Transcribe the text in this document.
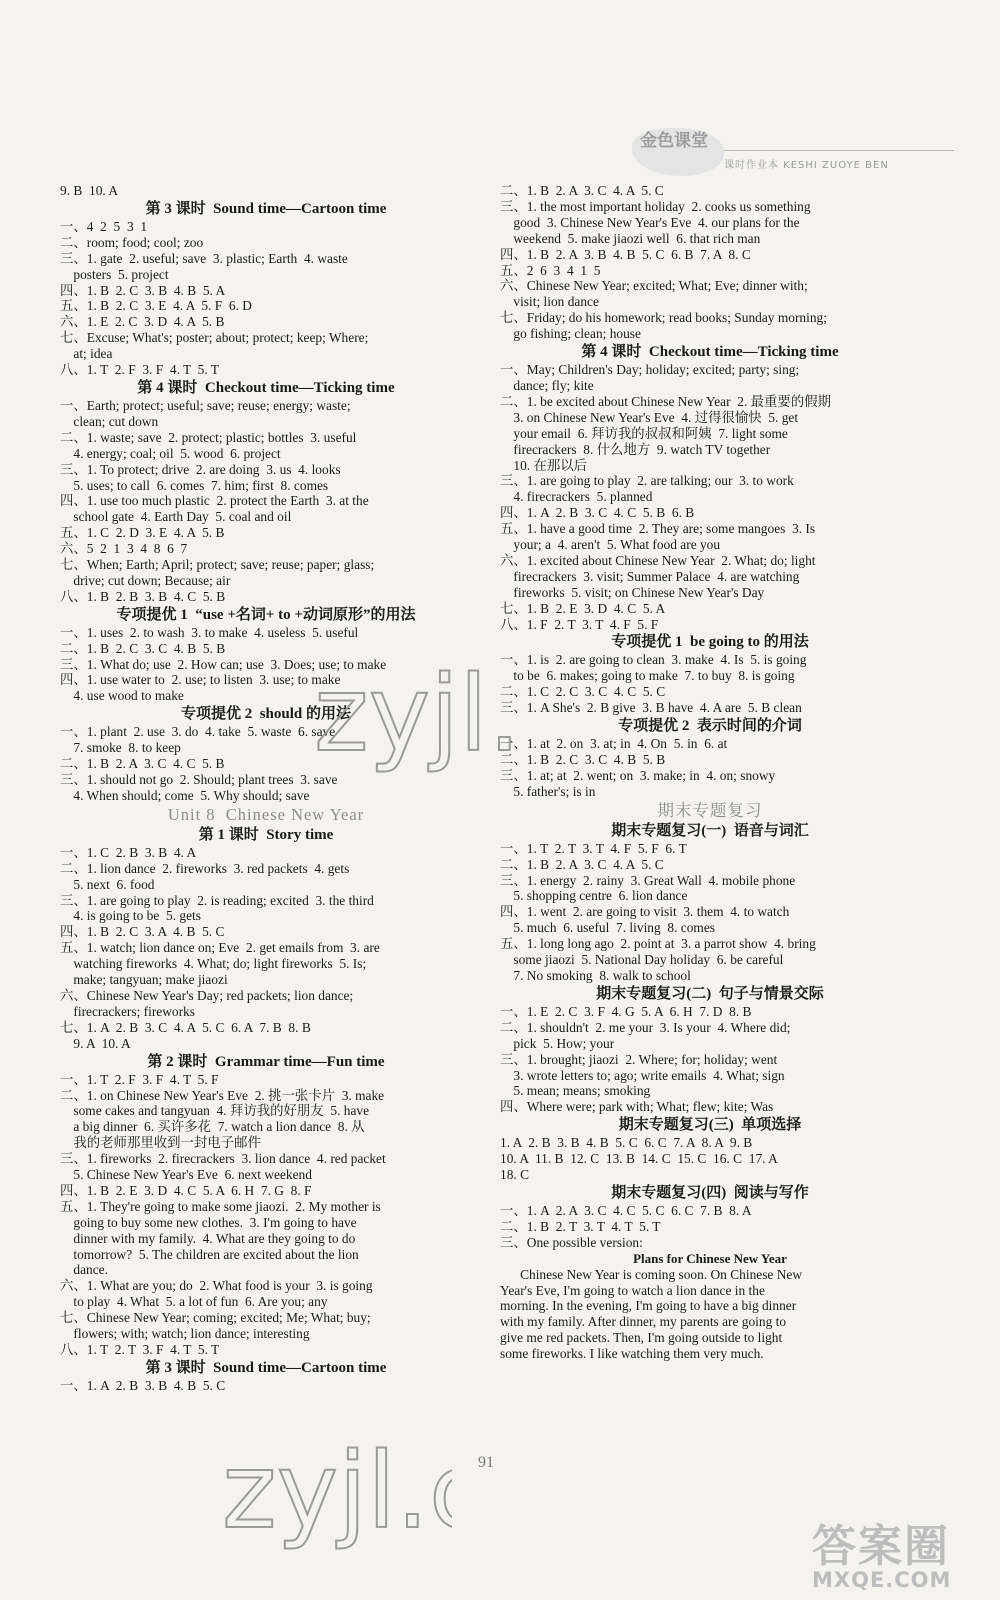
金色课堂
课时作业本 KESHI ZUOYE BEN
9. B  10. A
第 3 课时  Sound time—Cartoon time
一、4  2  5  3  1
二、room; food; cool; zoo
三、1. gate  2. useful; save  3. plastic; Earth  4. waste
posters  5. project
四、1. B  2. C  3. B  4. B  5. A
五、1. B  2. C  3. E  4. A  5. F  6. D
六、1. E  2. C  3. D  4. A  5. B
七、Excuse; What's; poster; about; protect; keep; Where;
at; idea
八、1. T  2. F  3. F  4. T  5. T
第 4 课时  Checkout time—Ticking time
一、Earth; protect; useful; save; reuse; energy; waste;
clean; cut down
二、1. waste; save  2. protect; plastic; bottles  3. useful
4. energy; coal; oil  5. wood  6. project
三、1. To protect; drive  2. are doing  3. us  4. looks
5. uses; to call  6. comes  7. him; first  8. comes
四、1. use too much plastic  2. protect the Earth  3. at the
school gate  4. Earth Day  5. coal and oil
五、1. C  2. D  3. E  4. A  5. B
六、5  2  1  3  4  8  6  7
七、When; Earth; April; protect; save; reuse; paper; glass;
drive; cut down; Because; air
八、1. B  2. B  3. B  4. C  5. B
专项提优 1  “use +名词+ to +动词原形”的用法
一、1. uses  2. to wash  3. to make  4. useless  5. useful
二、1. B  2. C  3. C  4. B  5. B
三、1. What do; use  2. How can; use  3. Does; use; to make
四、1. use water to  2. use; to listen  3. use; to make
4. use wood to make
专项提优 2  should 的用法
一、1. plant  2. use  3. do  4. take  5. waste  6. save
7. smoke  8. to keep
二、1. B  2. A  3. C  4. C  5. B
三、1. should not go  2. Should; plant trees  3. save
4. When should; come  5. Why should; save
Unit 8  Chinese New Year
第 1 课时  Story time
一、1. C  2. B  3. B  4. A
二、1. lion dance  2. fireworks  3. red packets  4. gets
5. next  6. food
三、1. are going to play  2. is reading; excited  3. the third
4. is going to be  5. gets
四、1. B  2. C  3. A  4. B  5. C
五、1. watch; lion dance on; Eve  2. get emails from  3. are
watching fireworks  4. What; do; light fireworks  5. Is;
make; tangyuan; make jiaozi
六、Chinese New Year's Day; red packets; lion dance;
firecrackers; fireworks
七、1. A  2. B  3. C  4. A  5. C  6. A  7. B  8. B
9. A  10. A
第 2 课时  Grammar time—Fun time
一、1. T  2. F  3. F  4. T  5. F
二、1. on Chinese New Year's Eve  2. 挑一张卡片  3. make
some cakes and tangyuan  4. 拜访我的好朋友  5. have
a big dinner  6. 买许多花  7. watch a lion dance  8. 从
我的老师那里收到一封电子邮件
三、1. fireworks  2. firecrackers  3. lion dance  4. red packet
5. Chinese New Year's Eve  6. next weekend
四、1. B  2. E  3. D  4. C  5. A  6. H  7. G  8. F
五、1. They're going to make some jiaozi.  2. My mother is
going to buy some new clothes.  3. I'm going to have
dinner with my family.  4. What are they going to do
tomorrow?  5. The children are excited about the lion
dance.
六、1. What are you; do  2. What food is your  3. is going
to play  4. What  5. a lot of fun  6. Are you; any
七、Chinese New Year; coming; excited; Me; What; buy;
flowers; with; watch; lion dance; interesting
八、1. T  2. T  3. F  4. T  5. T
第 3 课时  Sound time—Cartoon time
一、1. A  2. B  3. B  4. B  5. C
二、1. B  2. A  3. C  4. A  5. C
三、1. the most important holiday  2. cooks us something
good  3. Chinese New Year's Eve  4. our plans for the
weekend  5. make jiaozi well  6. that rich man
四、1. B  2. A  3. B  4. B  5. C  6. B  7. A  8. C
五、2  6  3  4  1  5
六、Chinese New Year; excited; What; Eve; dinner with;
visit; lion dance
七、Friday; do his homework; read books; Sunday morning;
go fishing; clean; house
第 4 课时  Checkout time—Ticking time
一、May; Children's Day; holiday; excited; party; sing;
dance; fly; kite
二、1. be excited about Chinese New Year  2. 最重要的假期
3. on Chinese New Year's Eve  4. 过得很愉快  5. get
your email  6. 拜访我的叔叔和阿姨  7. light some
firecrackers  8. 什么地方  9. watch TV together
10. 在那以后
三、1. are going to play  2. are talking; our  3. to work
4. firecrackers  5. planned
四、1. A  2. B  3. C  4. C  5. B  6. B
五、1. have a good time  2. They are; some mangoes  3. Is
your; a  4. aren't  5. What food are you
六、1. excited about Chinese New Year  2. What; do; light
firecrackers  3. visit; Summer Palace  4. are watching
fireworks  5. visit; on Chinese New Year's Day
七、1. B  2. E  3. D  4. C  5. A
八、1. F  2. T  3. T  4. F  5. F
专项提优 1  be going to 的用法
一、1. is  2. are going to clean  3. make  4. Is  5. is going
to be  6. makes; going to make  7. to buy  8. is going
二、1. C  2. C  3. C  4. C  5. C
三、1. A She's  2. B give  3. B have  4. A are  5. B clean
专项提优 2  表示时间的介词
一、1. at  2. on  3. at; in  4. On  5. in  6. at
二、1. B  2. C  3. C  4. B  5. B
三、1. at; at  2. went; on  3. make; in  4. on; snowy
5. father's; is in
期末专题复习
期末专题复习(一)  语音与词汇
一、1. T  2. T  3. T  4. F  5. F  6. T
二、1. B  2. A  3. C  4. A  5. C
三、1. energy  2. rainy  3. Great Wall  4. mobile phone
5. shopping centre  6. lion dance
四、1. went  2. are going to visit  3. them  4. to watch
5. much  6. useful  7. living  8. comes
五、1. long long ago  2. point at  3. a parrot show  4. bring
some jiaozi  5. National Day holiday  6. be careful
7. No smoking  8. walk to school
期末专题复习(二)  句子与情景交际
一、1. E  2. C  3. F  4. G  5. A  6. H  7. D  8. B
二、1. shouldn't  2. me your  3. Is your  4. Where did;
pick  5. How; your
三、1. brought; jiaozi  2. Where; for; holiday; went
3. wrote letters to; ago; write emails  4. What; sign
5. mean; means; smoking
四、Where were; park with; What; flew; kite; Was
期末专题复习(三)  单项选择
1. A  2. B  3. B  4. B  5. C  6. C  7. A  8. A  9. B
10. A  11. B  12. C  13. B  14. C  15. C  16. C  17. A
18. C
期末专题复习(四)  阅读与写作
一、1. A  2. A  3. C  4. C  5. C  6. C  7. B  8. A
二、1. B  2. T  3. T  4. T  5. T
三、One possible version:
Plans for Chinese New Year
Chinese New Year is coming soon. On Chinese New
Year's Eve, I'm going to watch a lion dance in the
morning. In the evening, I'm going to have a big dinner
with my family. After dinner, my parents are going to
give me red packets. Then, I'm going outside to light
some fireworks. I like watching them very much.
zyjl
zyjl.	91
答案圈
MXQE.COM
